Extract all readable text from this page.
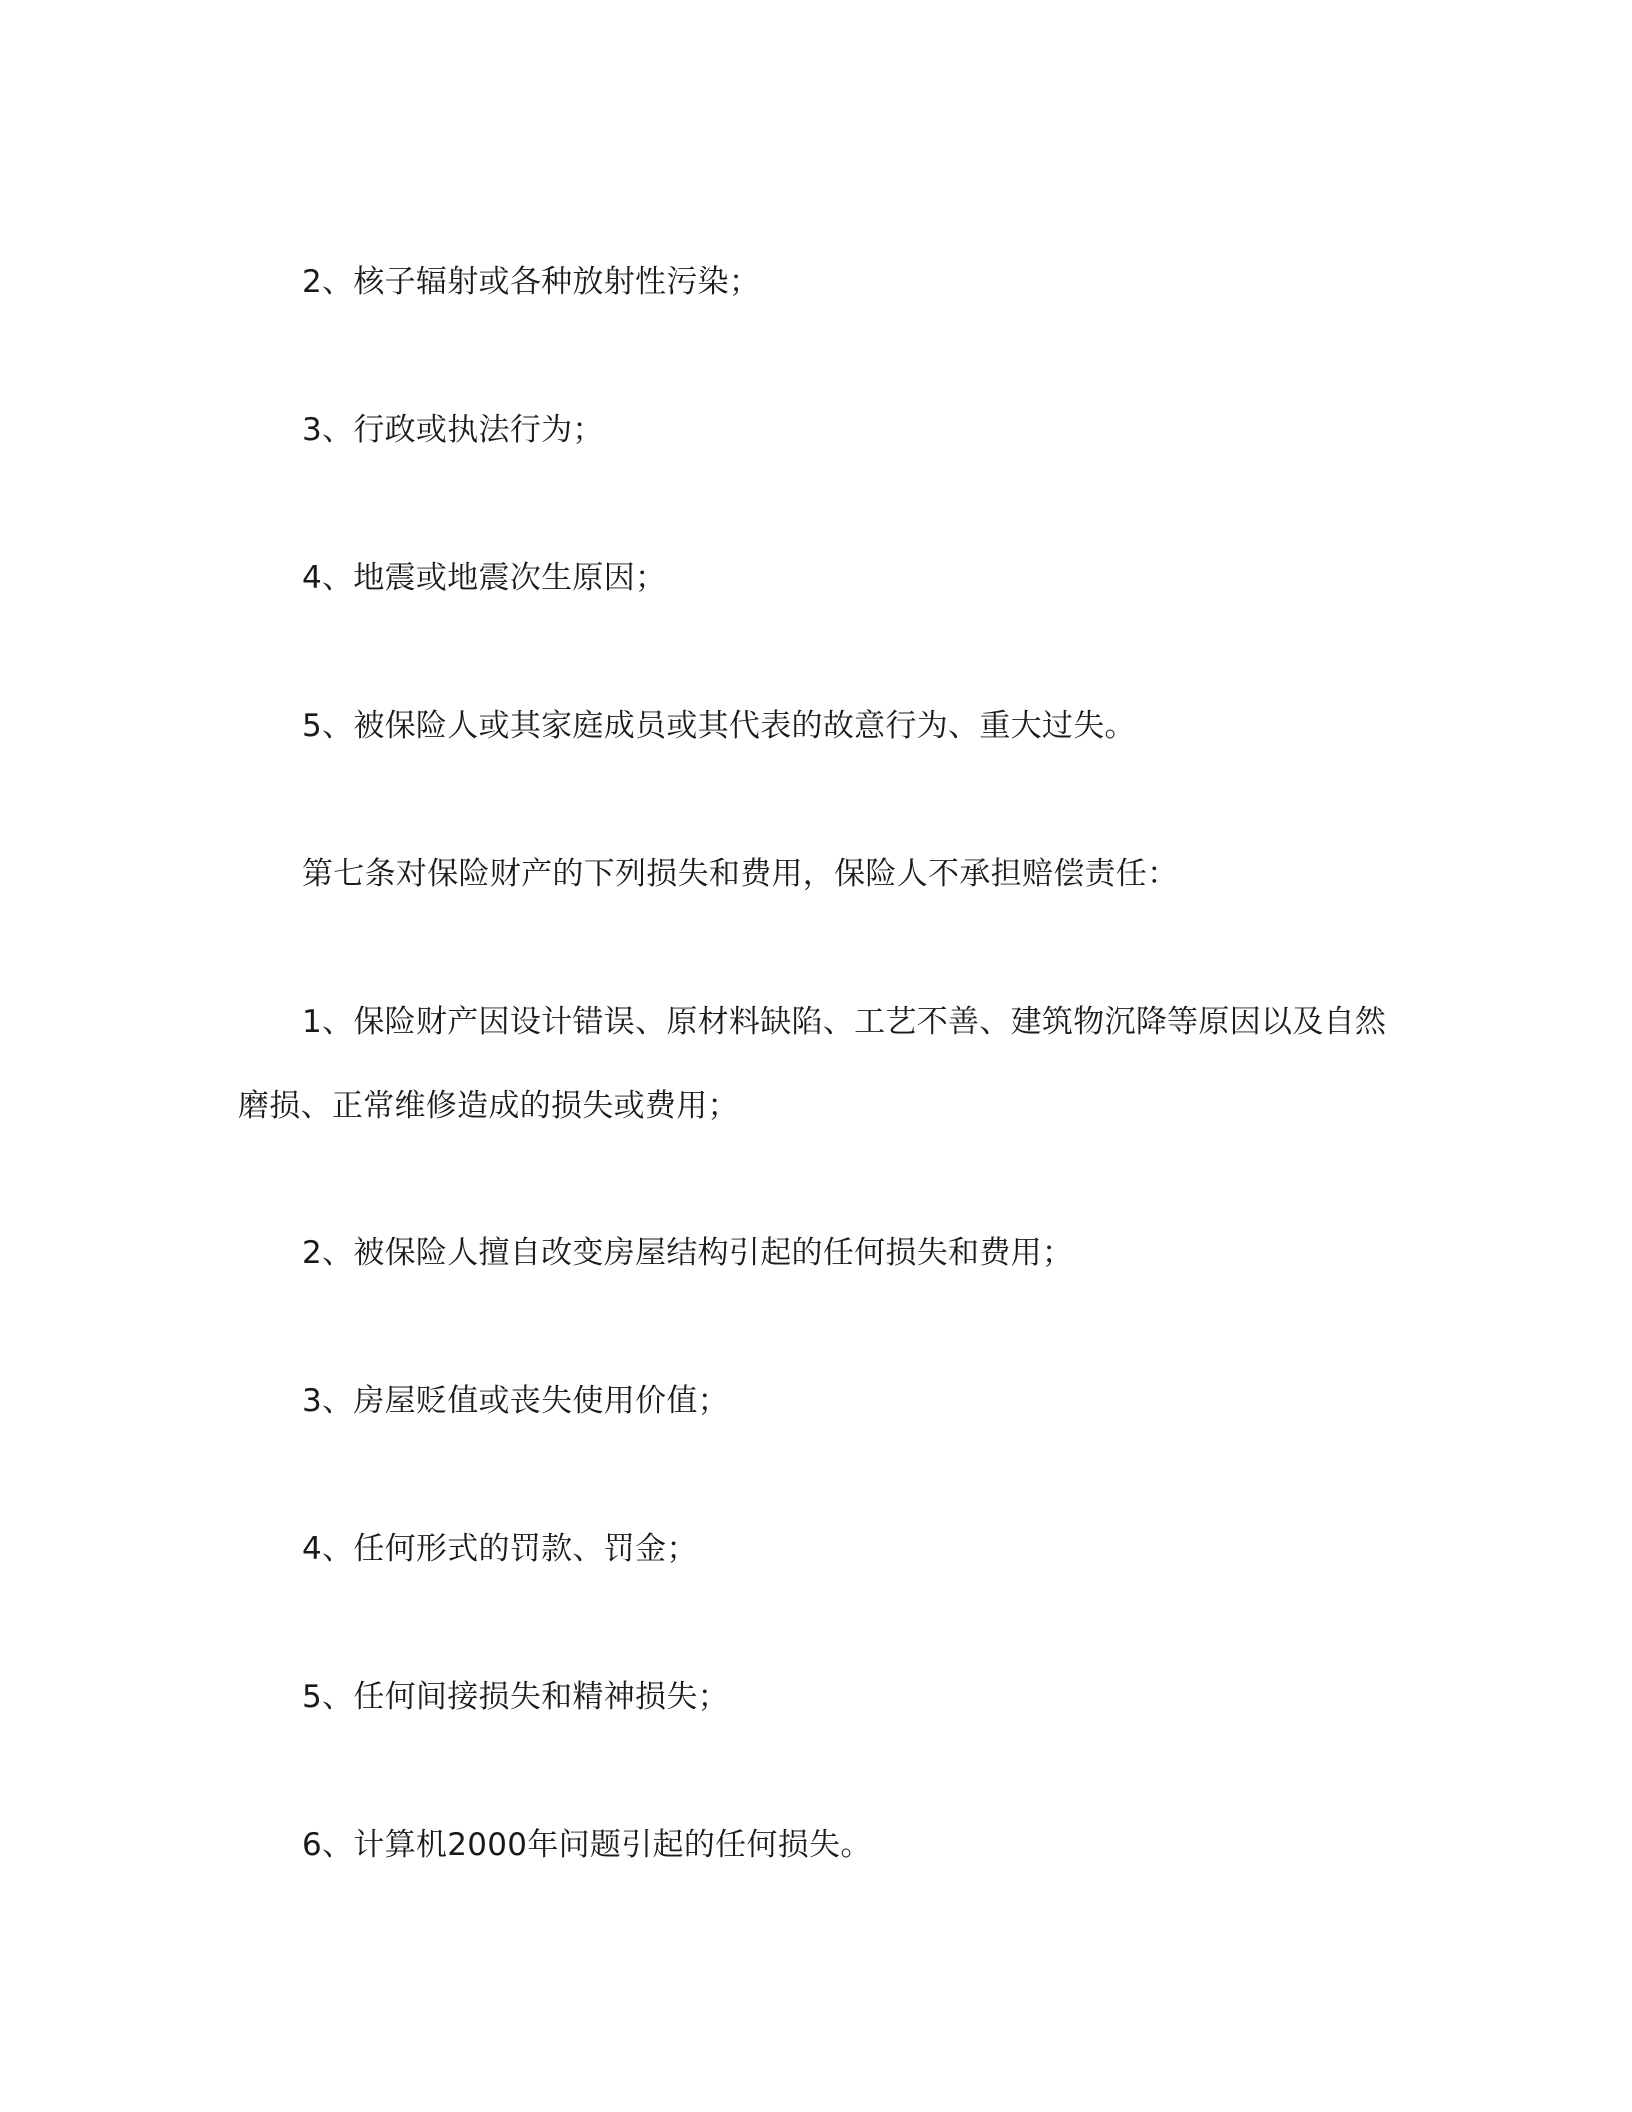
2、核子辐射或各种放射性污染；

3、行政或执法行为；

4、地震或地震次生原因；

5、被保险人或其家庭成员或其代表的故意行为、重大过失。

第七条对保险财产的下列损失和费用，保险人不承担赔偿责任：

1、保险财产因设计错误、原材料缺陷、工艺不善、建筑物沉降等原因以及自然磨损、正常维修造成的损失或费用；

2、被保险人擅自改变房屋结构引起的任何损失和费用；

3、房屋贬值或丧失使用价值；

4、任何形式的罚款、罚金；

5、任何间接损失和精神损失；

6、计算机2000年问题引起的任何损失。
